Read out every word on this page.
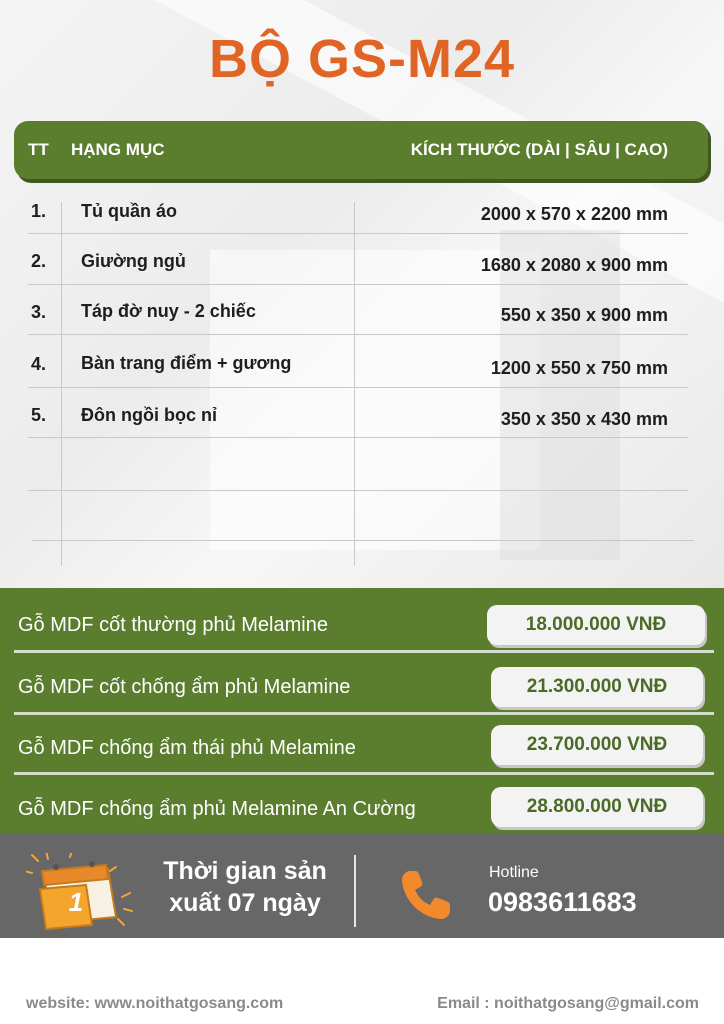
BỘ GS-M24
TT HẠNG MỤC	KÍCH THƯỚC (DÀI | SÂU | CAO)
1. Tủ quần áo	2000 x 570 x 2200 mm
2. Giường ngủ	1680 x 2080 x 900 mm
3. Táp đờ nuy - 2 chiếc	550 x 350 x 900 mm
4. Bàn trang điểm + gương	1200 x 550 x 750 mm
5. Đôn ngồi bọc nỉ	350 x 350 x 430 mm
Gỗ MDF cốt thường phủ Melamine	18.000.000 VNĐ
Gỗ MDF cốt chống ẩm phủ Melamine	21.300.000 VNĐ
Gỗ MDF chống ẩm thái phủ Melamine	23.700.000 VNĐ
Gỗ MDF chống ẩm phủ Melamine An Cường	28.800.000 VNĐ
1
Thời gian sản
xuất 07 ngày
Hotline
0983611683
website: www.noithatgosang.com	Email : noithatgosang@gmail.com
